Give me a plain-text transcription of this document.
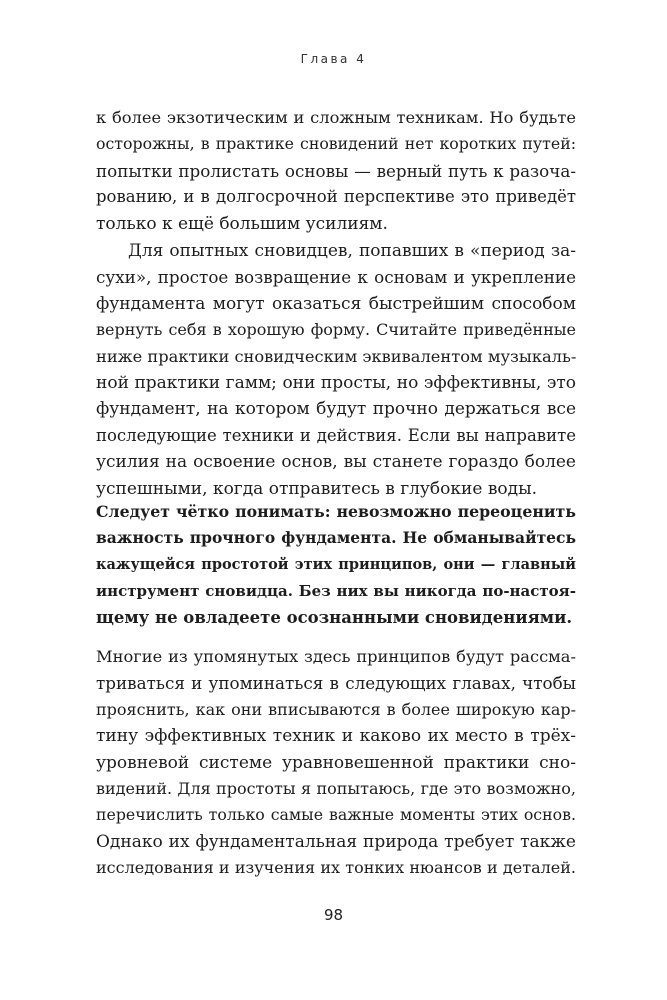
Глава 4
к более экзотическим и сложным техникам. Но будьте
осторожны, в практике сновидений нет коротких путей:
попытки пролистать основы — верный путь к разоча-
рованию, и в долгосрочной перспективе это приведёт
только к ещё большим усилиям.
Для опытных сновидцев, попавших в «период за-
сухи», простое возвращение к основам и укрепление
фундамента могут оказаться быстрейшим способом
вернуть себя в хорошую форму. Считайте приведённые
ниже практики сновидческим эквивалентом музыкаль-
ной практики гамм; они просты, но эффективны, это
фундамент, на котором будут прочно держаться все
последующие техники и действия. Если вы направите
усилия на освоение основ, вы станете гораздо более
успешными, когда отправитесь в глубокие воды.
Следует чётко понимать: невозможно переоценить
важность прочного фундамента. Не обманывайтесь
кажущейся простотой этих принципов, они — главный
инструмент сновидца. Без них вы никогда по-настоя-
щему не овладеете осознанными сновидениями.
Многие из упомянутых здесь принципов будут рассма-
триваться и упоминаться в следующих главах, чтобы
прояснить, как они вписываются в более широкую кар-
тину эффективных техник и каково их место в трёх-
уровневой системе уравновешенной практики сно-
видений. Для простоты я попытаюсь, где это возможно,
перечислить только самые важные моменты этих основ.
Однако их фундаментальная природа требует также
исследования и изучения их тонких нюансов и деталей.
98
